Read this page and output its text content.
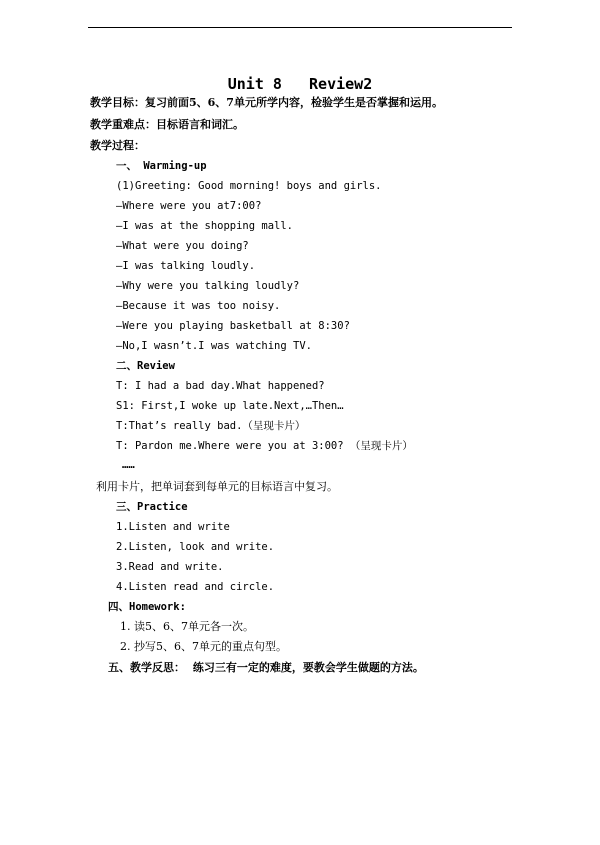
Unit 8   Review2
教学目标：复习前面5、6、7单元所学内容，检验学生是否掌握和运用。
教学重难点：目标语言和词汇。
教学过程：
一、 Warming-up
(1)Greeting: Good morning! boys and girls.
—Where were you at7:00?
—I was at the shopping mall.
—What were you doing?
—I was talking loudly.
—Why were you talking loudly?
—Because it was too noisy.
—Were you playing basketball at 8:30?
—No,I wasn’t.I was watching TV.
二、Review
T: I had a bad day.What happened?
S1: First,I woke up late.Next,…Then…
T:That’s really bad.（呈现卡片）
T: Pardon me.Where were you at 3:00? （呈现卡片）
……
利用卡片，把单词套到每单元的目标语言中复习。
三、Practice
1.Listen and write
2.Listen, look and write.
3.Read and write.
4.Listen read and circle.
四、Homework:
1. 读5、6、7单元各一次。
2. 抄写5、6、7单元的重点句型。
五、教学反思： 练习三有一定的难度，要教会学生做题的方法。
